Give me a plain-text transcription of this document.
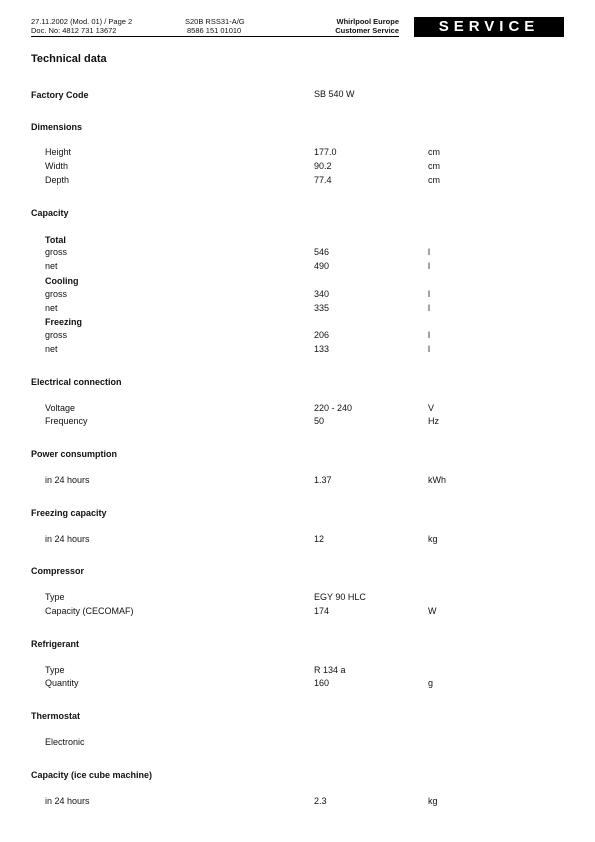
27.11.2002 (Mod. 01) / Page 2
Doc. No: 4812 731 13672
S20B RSS31-A/G
8586 151 01010
Whirlpool Europe
Customer Service	SERVICE
Technical data
Factory Code	SB 540 W
Dimensions
Height	177.0	cm
Width	90.2	cm
Depth	77.4	cm
Capacity
Total
gross	546	l
net	490	l
Cooling
gross	340	l
net	335	l
Freezing
gross	206	l
net	133	l
Electrical connection
Voltage	220 - 240	V
Frequency	50	Hz
Power consumption
in 24 hours	1.37	kWh
Freezing capacity
in 24 hours	12	kg
Compressor
Type	EGY 90 HLC
Capacity (CECOMAF)	174	W
Refrigerant
Type	R 134 a
Quantity	160	g
Thermostat
Electronic
Capacity (ice cube machine)
in 24 hours	2.3	kg
